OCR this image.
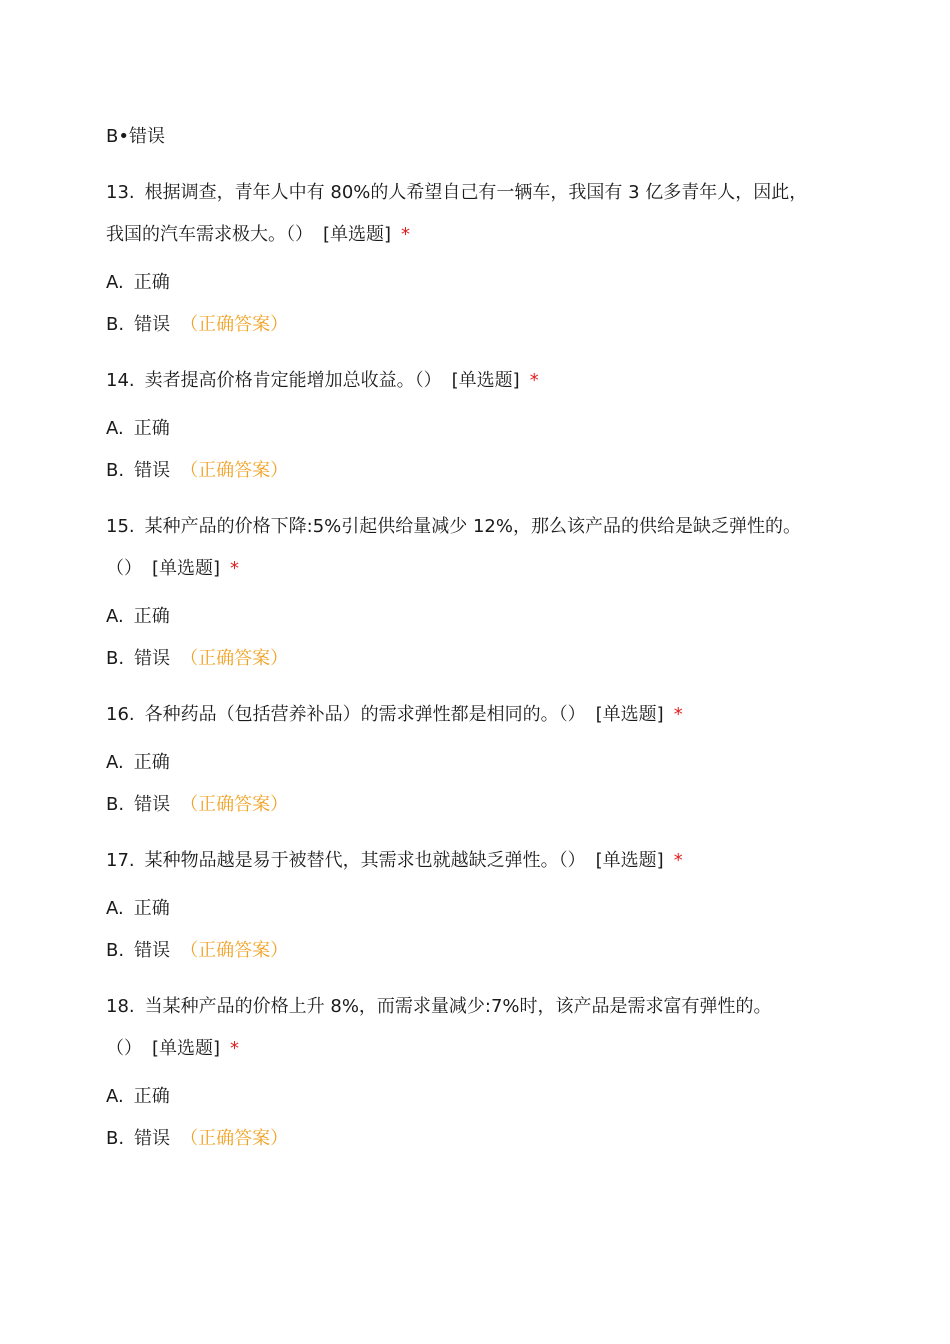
B•错误
13. 根据调查，青年人中有 80%的人希望自己有一辆车，我国有 3 亿多青年人，因此，
我国的汽车需求极大。（） [单选题] *
A. 正确
B. 错误 （正确答案）
14. 卖者提高价格肯定能增加总收益。（） [单选题] *
A. 正确
B. 错误 （正确答案）
15. 某种产品的价格下降:5%引起供给量减少 12%，那么该产品的供给是缺乏弹性的。
（） [单选题] *
A. 正确
B. 错误 （正确答案）
16. 各种药品（包括营养补品）的需求弹性都是相同的。（） [单选题] *
A. 正确
B. 错误 （正确答案）
17. 某种物品越是易于被替代，其需求也就越缺乏弹性。（） [单选题] *
A. 正确
B. 错误 （正确答案）
18. 当某种产品的价格上升 8%，而需求量减少:7%时，该产品是需求富有弹性的。
（） [单选题] *
A. 正确
B. 错误 （正确答案）
